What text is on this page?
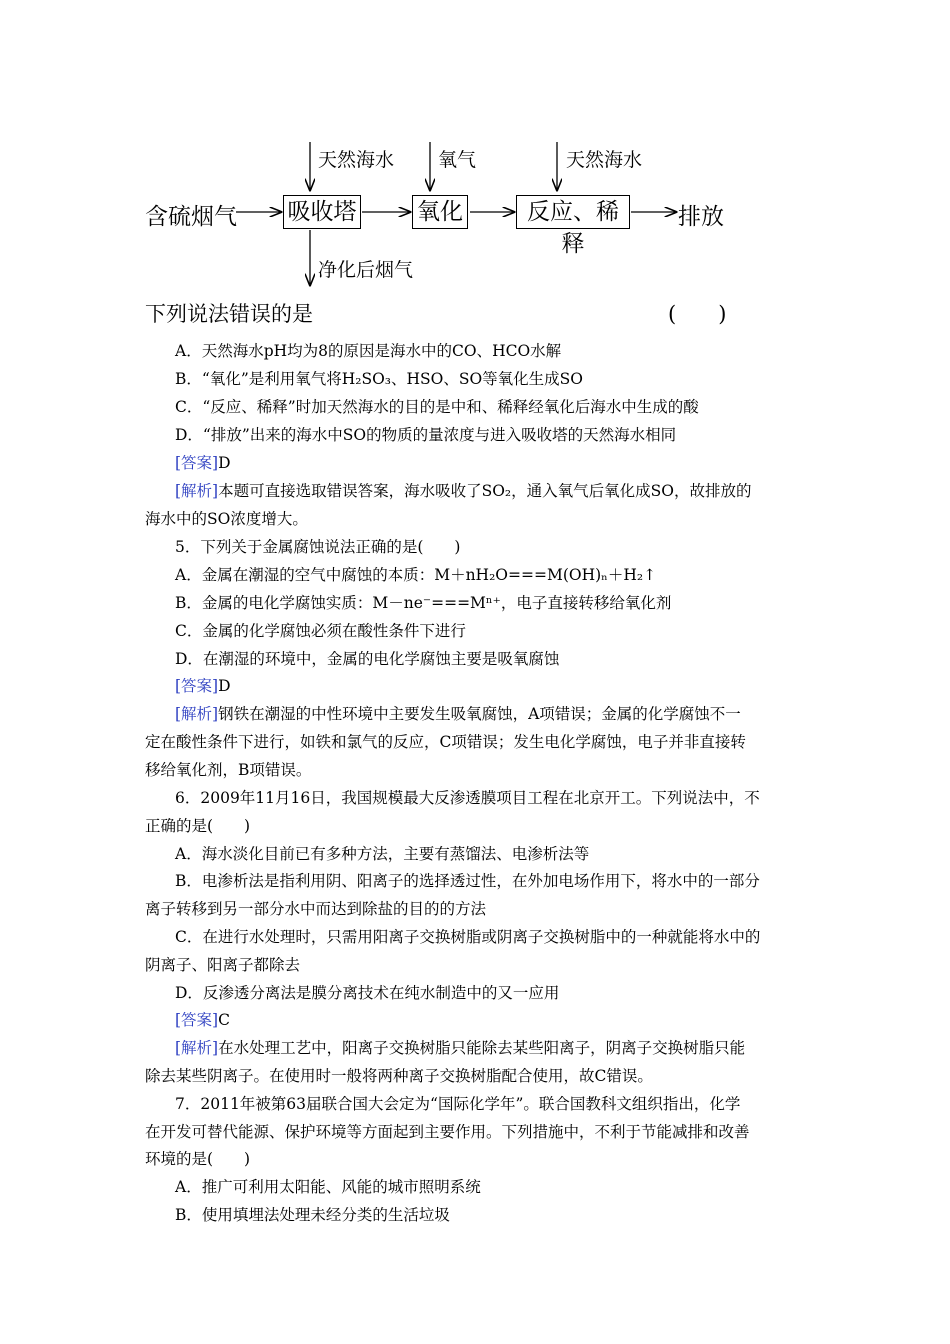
天然海水 氧气	天然海水
净化后烟气
含硫烟气 吸收塔	氧化	反应、稀释
排放
下列说法错误的是	(　　)
A．天然海水pH均为8的原因是海水中的CO、HCO水解
B．“氧化”是利用氧气将H₂SO₃、HSO、SO等氧化生成SO
C．“反应、稀释”时加天然海水的目的是中和、稀释经氧化后海水中生成的酸
D．“排放”出来的海水中SO的物质的量浓度与进入吸收塔的天然海水相同
[答案]D
[解析]本题可直接选取错误答案，海水吸收了SO₂，通入氧气后氧化成SO，故排放的
海水中的SO浓度增大。
5．下列关于金属腐蚀说法正确的是(　　)
A．金属在潮湿的空气中腐蚀的本质：M＋nH₂O===M(OH)ₙ＋H₂↑
B．金属的电化学腐蚀实质：M－ne⁻===Mⁿ⁺，电子直接转移给氧化剂
C．金属的化学腐蚀必须在酸性条件下进行
D．在潮湿的环境中，金属的电化学腐蚀主要是吸氧腐蚀
[答案]D
[解析]钢铁在潮湿的中性环境中主要发生吸氧腐蚀，A项错误；金属的化学腐蚀不一
定在酸性条件下进行，如铁和氯气的反应，C项错误；发生电化学腐蚀，电子并非直接转
移给氧化剂，B项错误。
6．2009年11月16日，我国规模最大反渗透膜项目工程在北京开工。下列说法中，不
正确的是(　　)
A．海水淡化目前已有多种方法，主要有蒸馏法、电渗析法等
B．电渗析法是指利用阴、阳离子的选择透过性，在外加电场作用下，将水中的一部分
离子转移到另一部分水中而达到除盐的目的的方法
C．在进行水处理时，只需用阳离子交换树脂或阴离子交换树脂中的一种就能将水中的
阴离子、阳离子都除去
D．反渗透分离法是膜分离技术在纯水制造中的又一应用
[答案]C
[解析]在水处理工艺中，阳离子交换树脂只能除去某些阳离子，阴离子交换树脂只能
除去某些阴离子。在使用时一般将两种离子交换树脂配合使用，故C错误。
7．2011年被第63届联合国大会定为“国际化学年”。联合国教科文组织指出，化学
在开发可替代能源、保护环境等方面起到主要作用。下列措施中，不利于节能减排和改善
环境的是(　　)
A．推广可利用太阳能、风能的城市照明系统
B．使用填埋法处理未经分类的生活垃圾
